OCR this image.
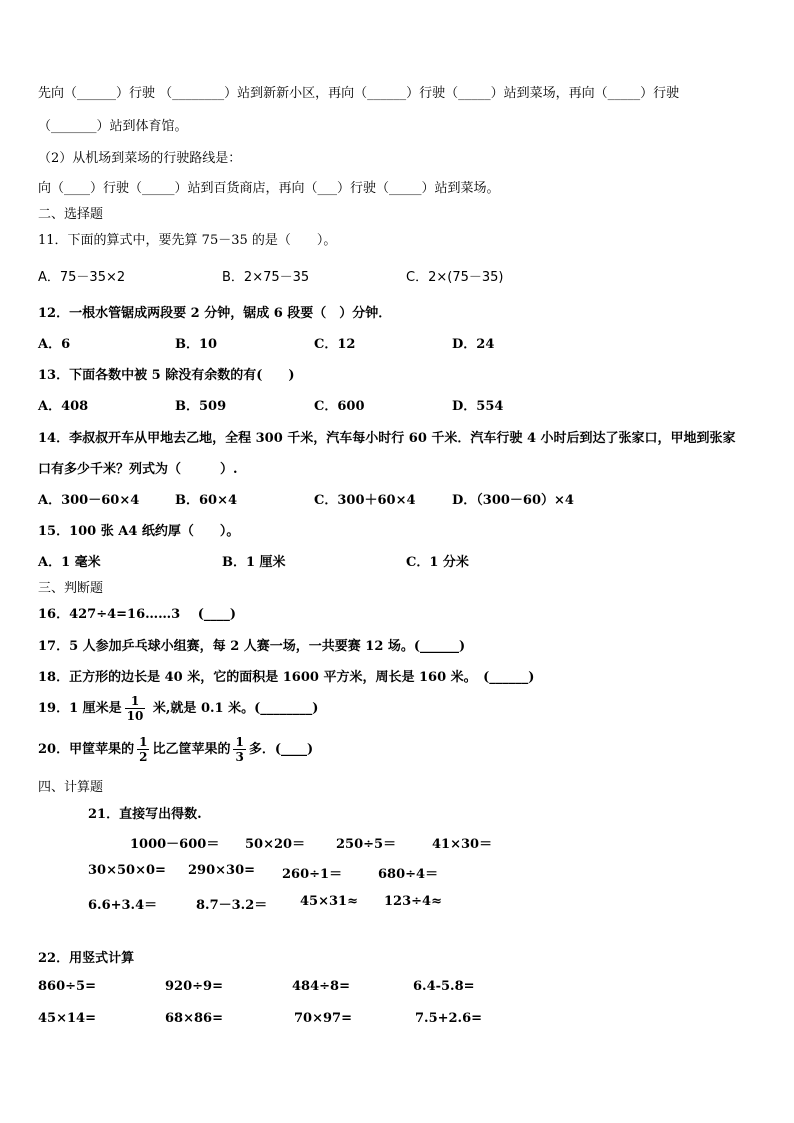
先向（______）行驶 （________）站到新新小区，再向（______）行驶（_____）站到菜场，再向（_____）行驶
（_______）站到体育馆。
（2）从机场到菜场的行驶路线是：
向（____）行驶（_____）站到百货商店，再向（___）行驶（_____）站到菜场。
二、选择题
11．下面的算式中，要先算 75－35 的是（　　）。
A．75－35×2	B．2×75－35	C．2×(75－35)
12．一根水管锯成两段要 2 分钟，锯成 6 段要（　）分钟．
A．6	B．10	C．12	D．24
13．下面各数中被 5 除没有余数的有(　　)
A．408	B．509	C．600	D．554
14．李叔叔开车从甲地去乙地，全程 300 千米，汽车每小时行 60 千米．汽车行驶 4 小时后到达了张家口，甲地到张家
口有多少千米？列式为（　　　）.
A．300－60×4	B．60×4	C．300＋60×4	D．（300－60）×4
15．100 张 A4 纸约厚（　　）。
A．1 毫米	B．1 厘米	C．1 分米
三、判断题
16．427÷4=16……3　 (____)
17．5 人参加乒乓球小组赛，每 2 人赛一场，一共要赛 12 场。(______)
18．正方形的边长是 40 米，它的面积是 1600 平方米，周长是 160 米。　(______)
19．1 厘米是 $\frac{1}{10}$ 米,就是 0.1 米。(________)
20．甲筐苹果的 $\frac{1}{2}$ 比乙筐苹果的 $\frac{1}{3}$ 多．(____)
四、计算题
21．直接写出得数.
1000－600＝ 50×20＝ 250÷5＝	41×30＝
30×50×0= 290×30= 260÷1＝	680÷4＝
6.6+3.4＝	8.7－3.2＝	45×31≈ 123÷4≈
22．用竖式计算
860÷5=	920÷9=	484÷8=	6.4-5.8=
45×14=	68×86=	70×97=	7.5+2.6=
